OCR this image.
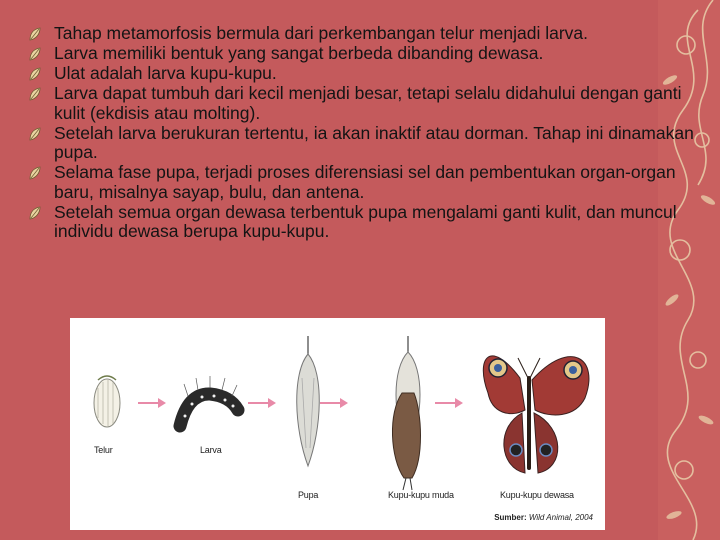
Tahap metamorfosis bermula dari perkembangan telur menjadi larva.
Larva memiliki bentuk yang sangat berbeda dibanding dewasa.
Ulat adalah larva kupu-kupu.
Larva dapat tumbuh dari kecil menjadi besar, tetapi selalu didahului dengan ganti kulit (ekdisis atau molting).
Setelah larva berukuran tertentu, ia akan inaktif atau dorman. Tahap ini dinamakan pupa.
Selama fase pupa, terjadi proses diferensiasi sel dan pembentukan organ-organ baru, misalnya sayap, bulu, dan antena.
Setelah semua organ dewasa terbentuk pupa mengalami ganti kulit, dan muncul individu dewasa berupa kupu-kupu.
Telur	Larva
Pupa	Kupu-kupu muda	Kupu-kupu dewasa
Sumber: Wild Animal, 2004
